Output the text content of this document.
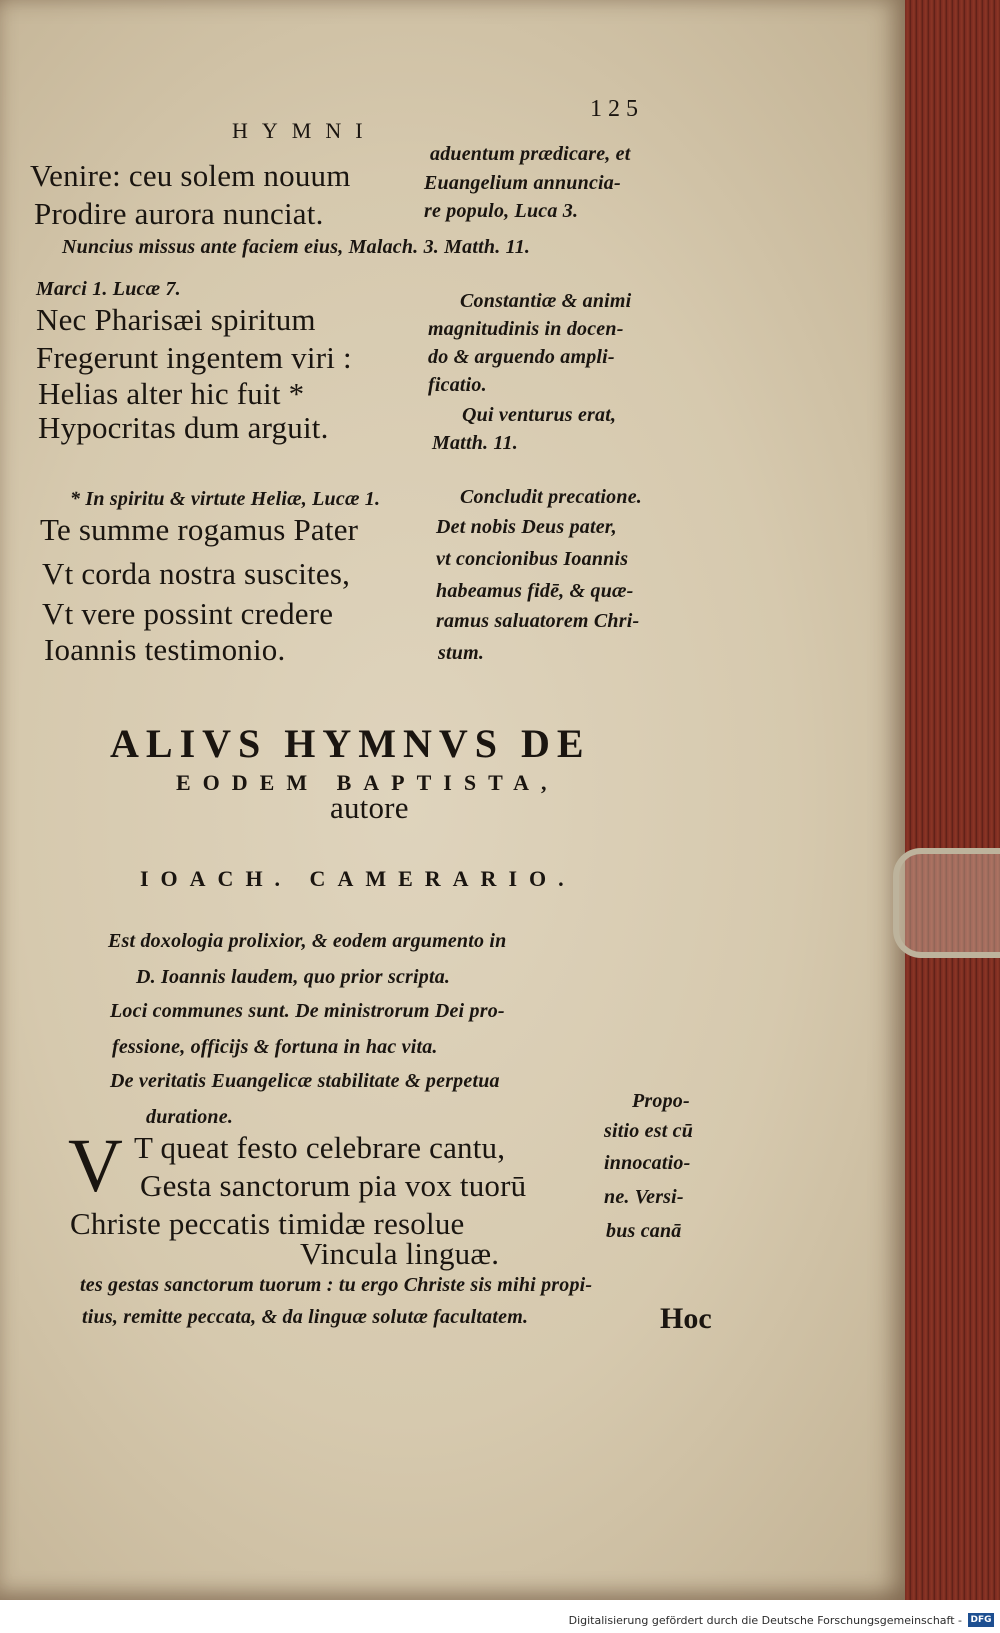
HYMNI
125
Venire: ceu solem nouum
Prodire aurora nunciat.
aduentum prædicare, et
Euangelium annuncia-
re populo, Luca 3.
Nuncius missus ante faciem eius, Malach. 3. Matth. 11.
Marci 1. Lucæ 7.
Nec Pharisæi spiritum
Fregerunt ingentem viri :
Helias alter hic fuit *
Hypocritas dum arguit.
Constantiæ & animi
magnitudinis in docen-
do & arguendo ampli-
ficatio.
Qui venturus erat,
Matth. 11.
* In spiritu & virtute Heliæ, Lucæ 1.
Te summe rogamus Pater
Vt corda nostra suscites,
Vt vere possint credere
Ioannis testimonio.
Concludit precatione.
Det nobis Deus pater,
vt concionibus Ioannis
habeamus fidē, & quæ-
ramus saluatorem Chri-
stum.
ALIVS HYMNVS DE
EODEM BAPTISTA,
autore
IOACH. CAMERARIO.
Est doxologia prolixior, & eodem argumento in
D. Ioannis laudem, quo prior scripta.
Loci communes sunt. De ministrorum Dei pro-
fessione, officijs & fortuna in hac vita.
De veritatis Euangelicæ stabilitate & perpetua
duratione.
V T queat festo celebrare cantu,
Gesta sanctorum pia vox tuorū
Christe peccatis timidæ resolue
Vincula linguæ.
Propo-
sitio est cū
innocatio-
ne. Versi-
bus canā
tes gestas sanctorum tuorum : tu ergo Christe sis mihi propi-
tius, remitte peccata, & da linguæ solutæ facultatem.	Hoc
Digitalisierung gefördert durch die Deutsche Forschungsgemeinschaft - DFG
